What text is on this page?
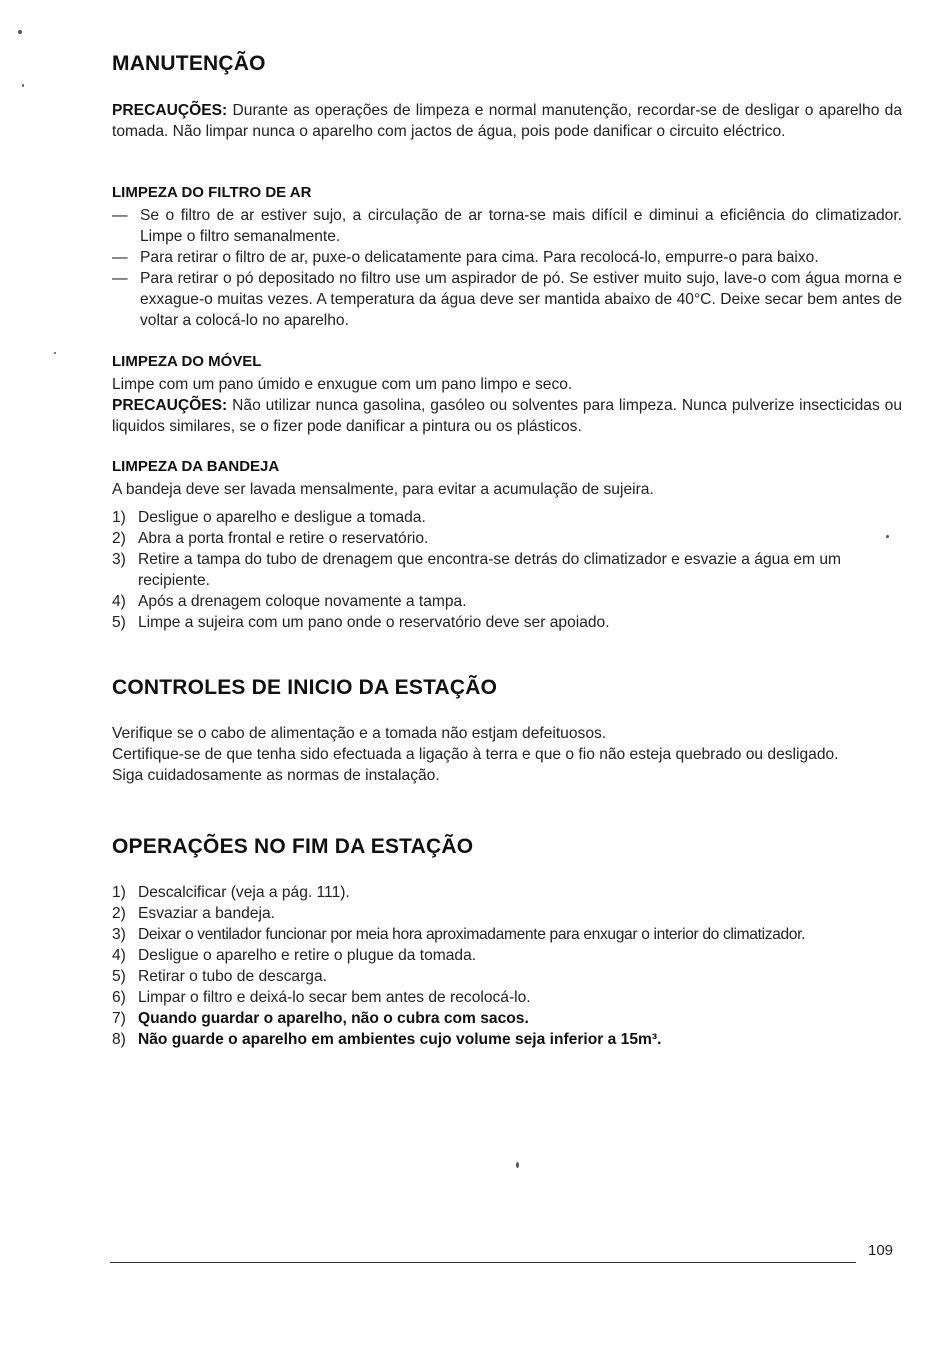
MANUTENÇÃO

PRECAUÇÕES: Durante as operações de limpeza e normal manutenção, recordar-se de desligar o aparelho da tomada. Não limpar nunca o aparelho com jactos de água, pois pode danificar o circuito eléctrico.

LIMPEZA DO FILTRO DE AR
— Se o filtro de ar estiver sujo, a circulação de ar torna-se mais difícil e diminui a eficiência do climatizador. Limpe o filtro semanalmente.
— Para retirar o filtro de ar, puxe-o delicatamente para cima. Para recolocá-lo, empurre-o para baixo.
— Para retirar o pó depositado no filtro use um aspirador de pó. Se estiver muito sujo, lave-o com água morna e exxague-o muitas vezes. A temperatura da água deve ser mantida abaixo de 40°C. Deixe secar bem antes de voltar a colocá-lo no aparelho.
LIMPEZA DO MÓVEL

Limpe com um pano úmido e enxugue com um pano limpo e seco.

PRECAUÇÕES: Não utilizar nunca gasolina, gasóleo ou solventes para limpeza. Nunca pulverize insecticidas ou liquidos similares, se o fizer pode danificar a pintura ou os plásticos.

LIMPEZA DA BANDEJA

A bandeja deve ser lavada mensalmente, para evitar a acumulação de sujeira.

1) Desligue o aparelho e desligue a tomada.
2) Abra a porta frontal e retire o reservatório.
3) Retire a tampa do tubo de drenagem que encontra-se detrás do climatizador e esvazie a água em um recipiente.
4) Após a drenagem coloque novamente a tampa.
5) Limpe a sujeira com um pano onde o reservatório deve ser apoiado.
CONTROLES DE INICIO DA ESTAÇÃO

Verifique se o cabo de alimentação e a tomada não estjam defeituosos.

Certifique-se de que tenha sido efectuada a ligação à terra e que o fio não esteja quebrado ou desligado.

Siga cuidadosamente as normas de instalação.

OPERAÇÕES NO FIM DA ESTAÇÃO
1) Descalcificar (veja a pág. 111).
2) Esvaziar a bandeja.
3) Deixar o ventilador funcionar por meia hora aproximadamente para enxugar o interior do climatizador.
4) Desligue o aparelho e retire o plugue da tomada.
5) Retirar o tubo de descarga.
6) Limpar o filtro e deixá-lo secar bem antes de recolocá-lo.
7) Quando guardar o aparelho, não o cubra com sacos.
8) Não guarde o aparelho em ambientes cujo volume seja inferior a 15m³.
109
